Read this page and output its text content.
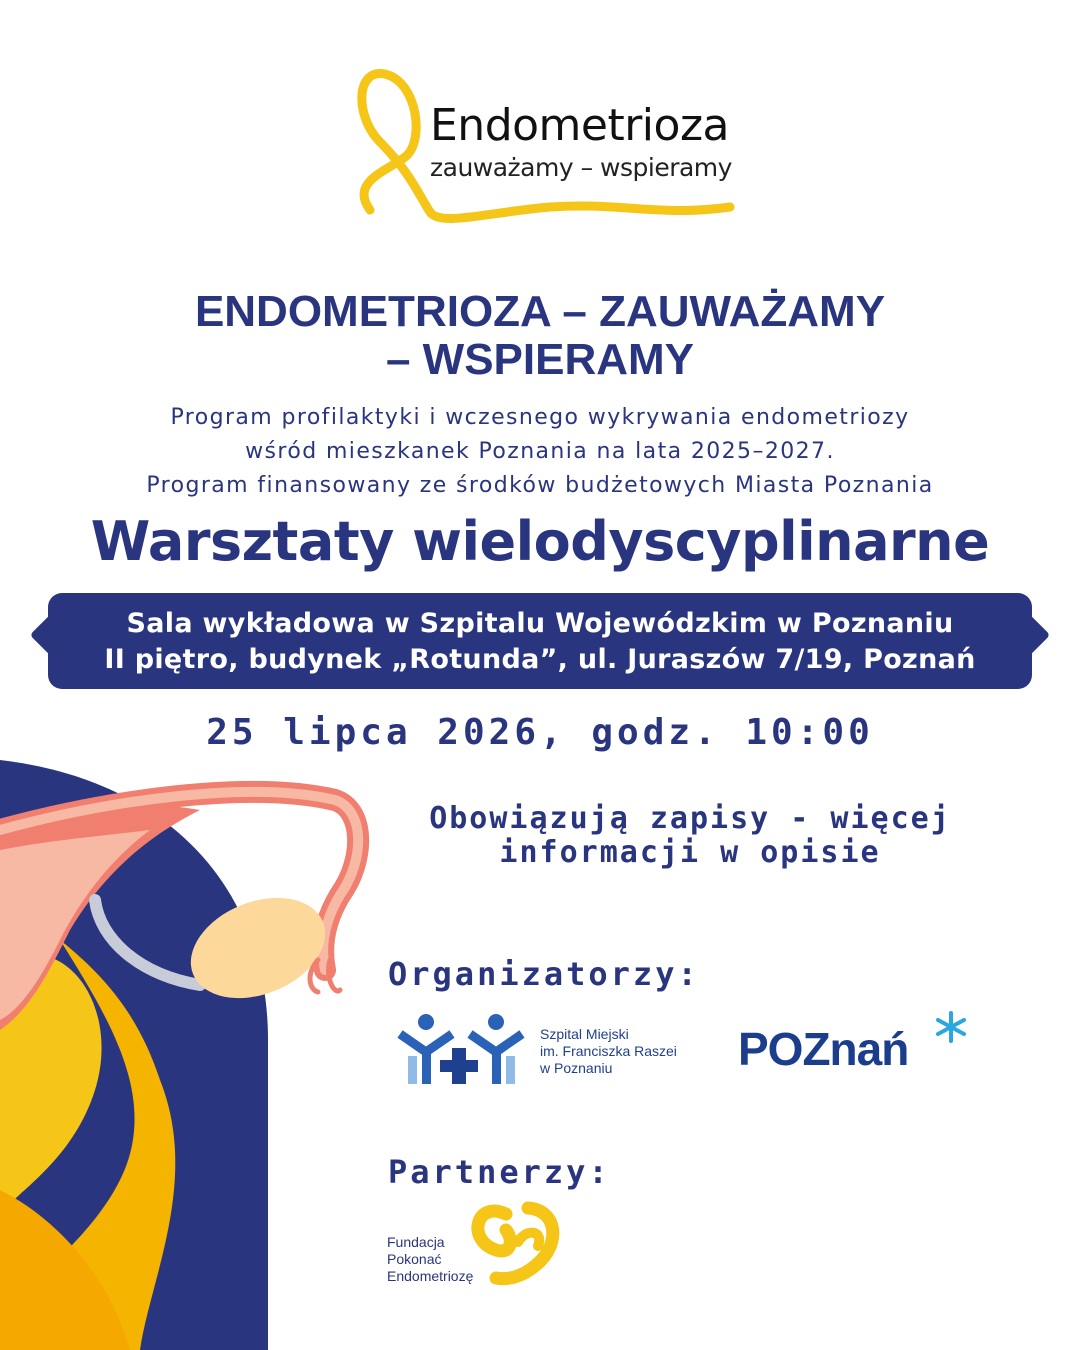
Endometrioza
zauważamy – wspieramy
ENDOMETRIOZA – ZAUWAŻAMY
– WSPIERAMY
Program profilaktyki i wczesnego wykrywania endometriozy
wśród mieszkanek Poznania na lata 2025–2027.
Program finansowany ze środków budżetowych Miasta Poznania
Warsztaty wielodyscyplinarne
Sala wykładowa w Szpitalu Wojewódzkim w Poznaniu
II piętro, budynek „Rotunda”, ul. Juraszów 7/19, Poznań
25 lipca 2026, godz. 10:00
Obowiązują zapisy - więcej
informacji w opisie
Organizatorzy:
Szpital Miejski
im. Franciszka Raszei
w Poznaniu	POZnań
Partnerzy:
Fundacja
Pokonać
Endometriozę
